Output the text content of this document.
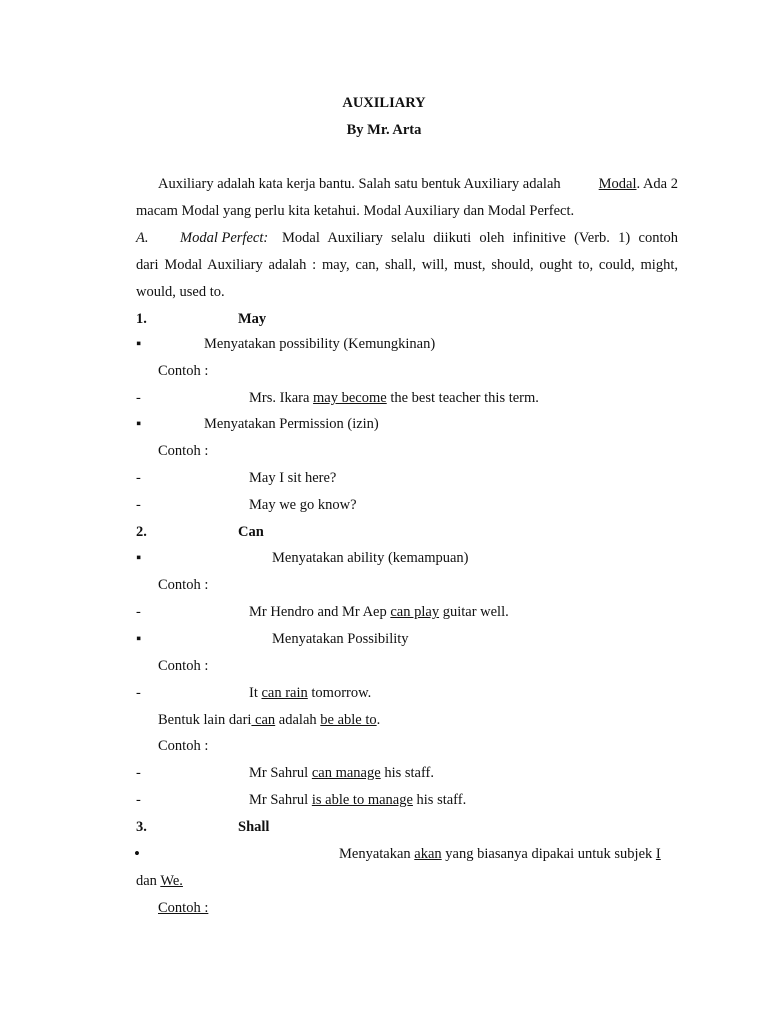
AUXILIARY
By Mr. Arta
Auxiliary adalah kata kerja bantu. Salah satu bentuk Auxiliary adalah	Modal. Ada 2
macam Modal yang perlu kita ketahui. Modal Auxiliary dan Modal Perfect.
A. Modal Perfect: Modal Auxiliary selalu diikuti oleh infinitive (Verb. 1) contoh
dari Modal Auxiliary adalah : may, can, shall, will, must, should, ought to, could, might,
would, used to.
1.	May
▪	Menyatakan possibility (Kemungkinan)
Contoh :
-	Mrs. Ikara may become the best teacher this term.
▪	Menyatakan Permission (izin)
Contoh :
-	May I sit here?
-	May we go know?
2.	Can
▪	Menyatakan ability (kemampuan)
Contoh :
-	Mr Hendro and Mr Aep can play guitar well.
▪	Menyatakan Possibility
Contoh :
-	It can rain tomorrow.
Bentuk lain dari can adalah be able to.
Contoh :
-	Mr Sahrul can manage his staff.
-	Mr Sahrul is able to manage his staff.
3.	Shall
•	Menyatakan akan yang biasanya dipakai untuk subjek I
dan We.
Contoh :
